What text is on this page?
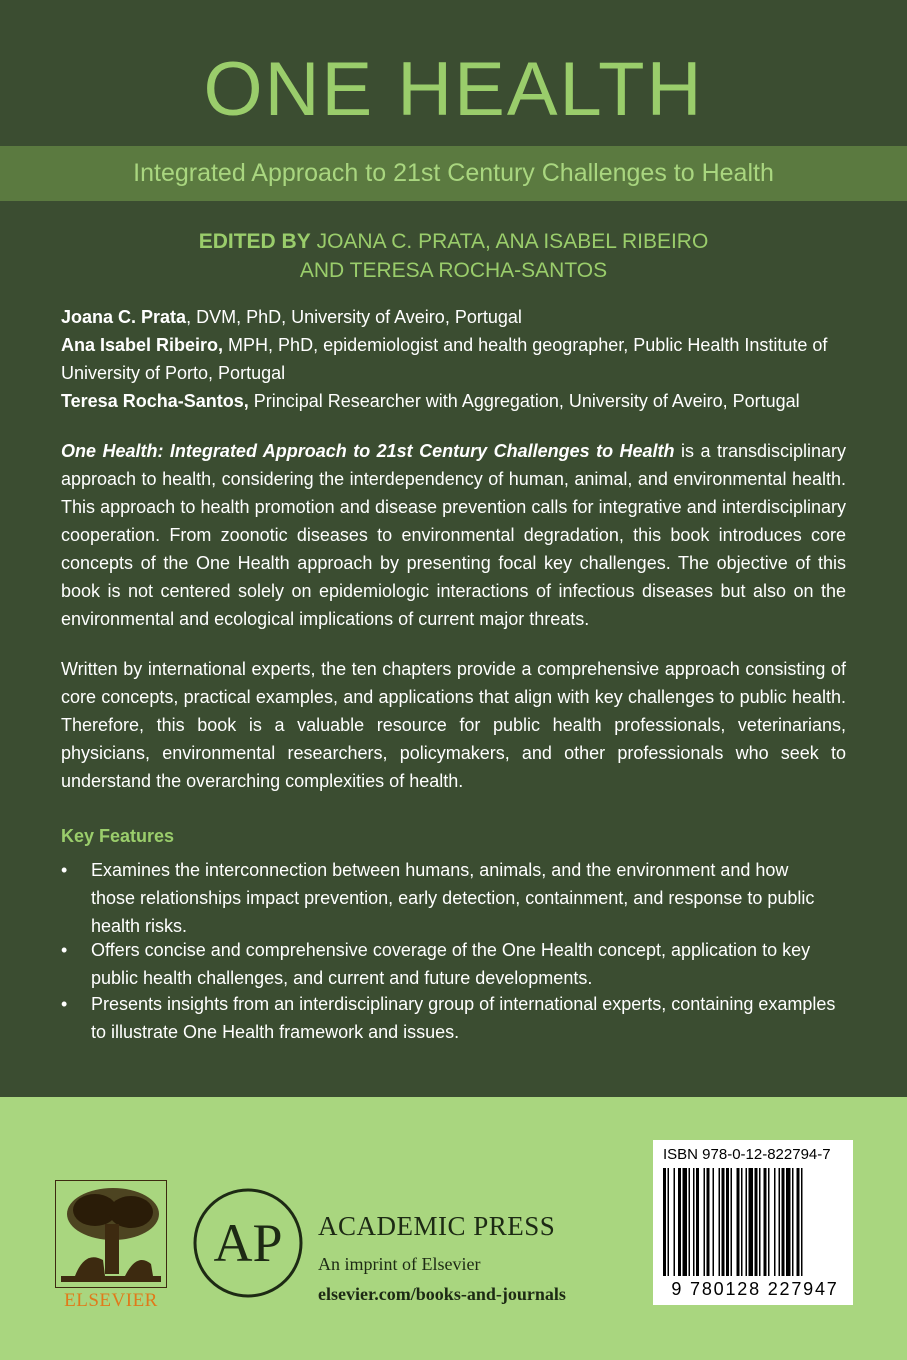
ONE HEALTH
Integrated Approach to 21st Century Challenges to Health
EDITED BY JOANA C. PRATA, ANA ISABEL RIBEIRO
AND TERESA ROCHA-SANTOS
Joana C. Prata, DVM, PhD, University of Aveiro, Portugal
Ana Isabel Ribeiro, MPH, PhD, epidemiologist and health geographer, Public Health Institute of University of Porto, Portugal
Teresa Rocha-Santos, Principal Researcher with Aggregation, University of Aveiro, Portugal
One Health: Integrated Approach to 21st Century Challenges to Health is a transdisciplinary approach to health, considering the interdependency of human, animal, and environmental health. This approach to health promotion and disease prevention calls for integrative and interdisciplinary cooperation. From zoonotic diseases to environmental degradation, this book introduces core concepts of the One Health approach by presenting focal key challenges. The objective of this book is not centered solely on epidemiologic interactions of infectious diseases but also on the environmental and ecological implications of current major threats.
Written by international experts, the ten chapters provide a comprehensive approach consisting of core concepts, practical examples, and applications that align with key challenges to public health. Therefore, this book is a valuable resource for public health professionals, veterinarians, physicians, environmental researchers, policymakers, and other professionals who seek to understand the overarching complexities of health.
Key Features
• Examines the interconnection between humans, animals, and the environment and how those relationships impact prevention, early detection, containment, and response to public health risks.
• Offers concise and comprehensive coverage of the One Health concept, application to key public health challenges, and current and future developments.
• Presents insights from an interdisciplinary group of international experts, containing examples to illustrate One Health framework and issues.
ELSEVIER
AP ACADEMIC PRESS
An imprint of Elsevier
elsevier.com/books-and-journals
ISBN 978-0-12-822794-7
9 780128 227947
